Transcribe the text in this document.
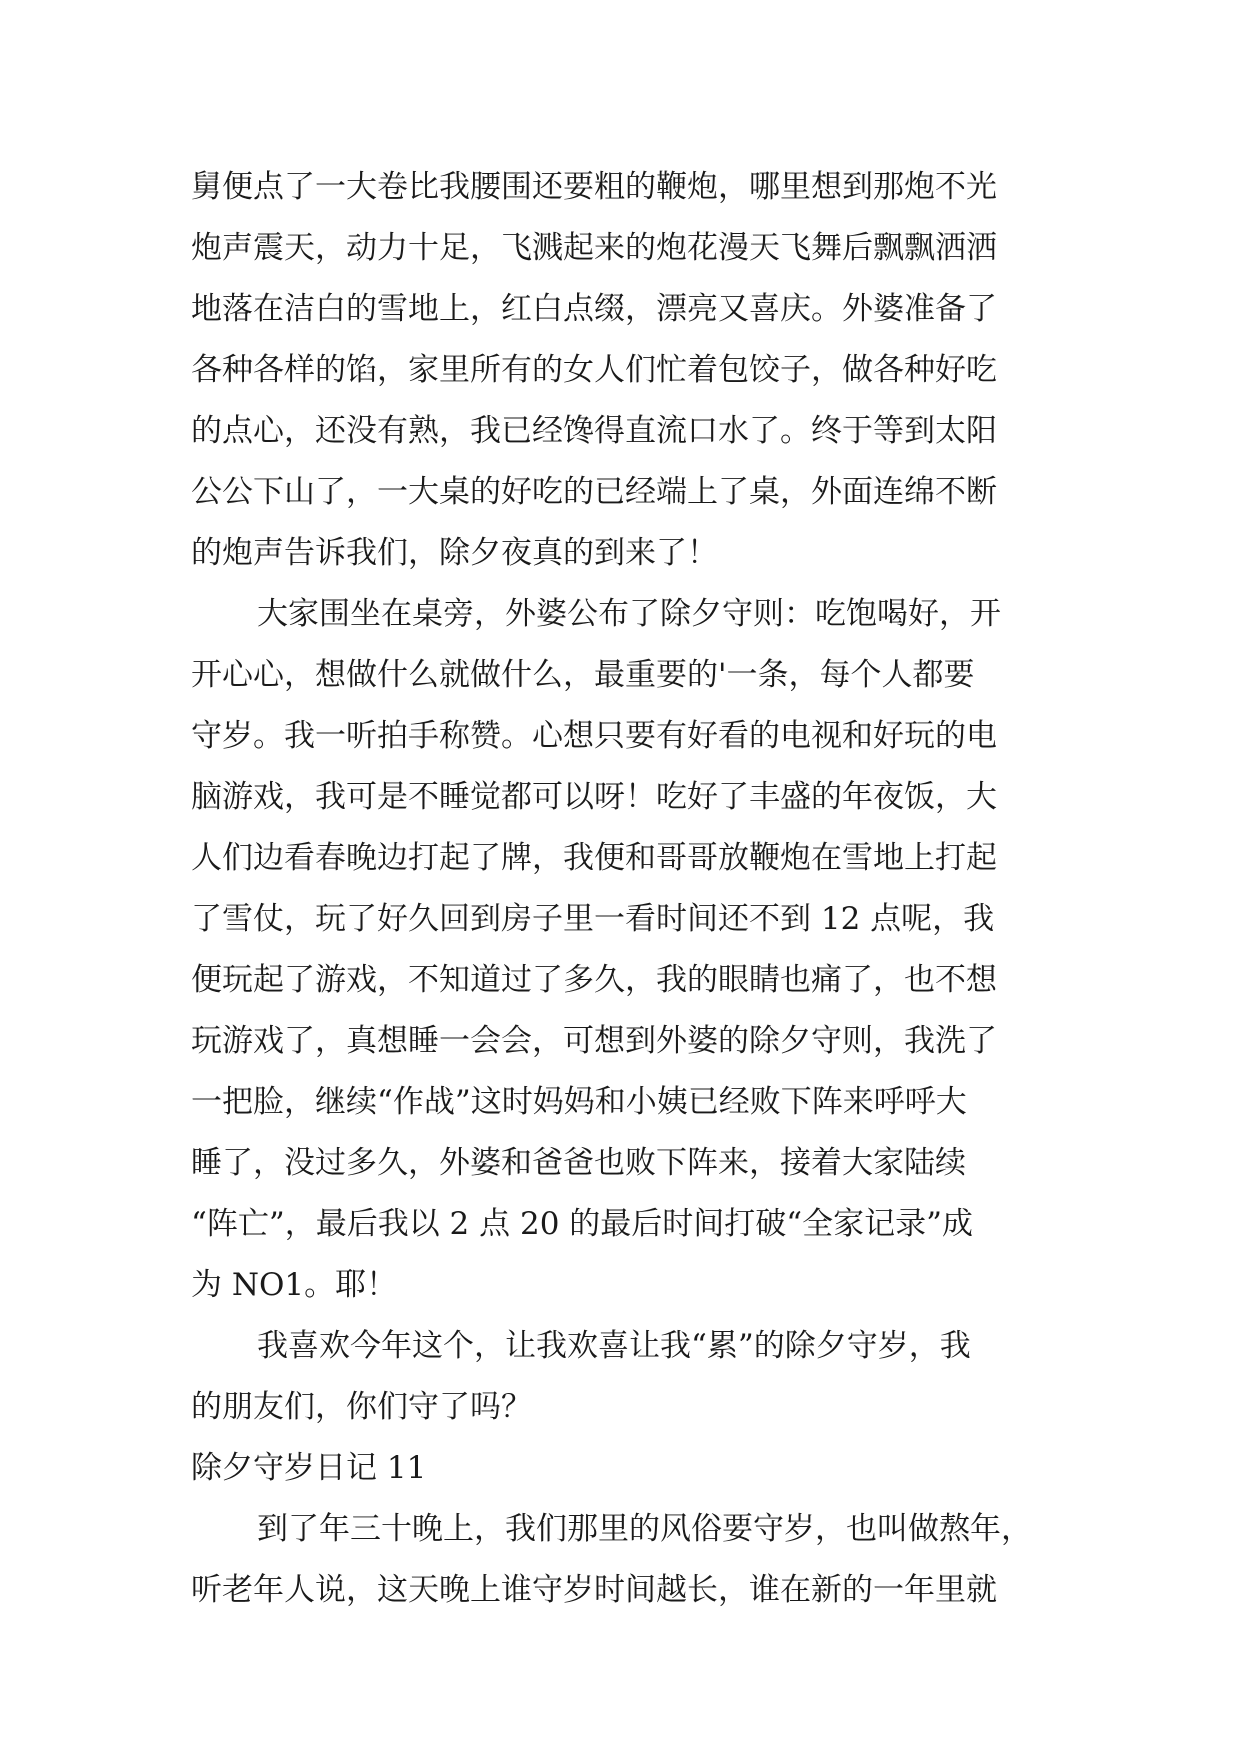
舅便点了一大卷比我腰围还要粗的鞭炮，哪里想到那炮不光
炮声震天，动力十足，飞溅起来的炮花漫天飞舞后飘飘洒洒
地落在洁白的雪地上，红白点缀，漂亮又喜庆。外婆准备了
各种各样的馅，家里所有的女人们忙着包饺子，做各种好吃
的点心，还没有熟，我已经馋得直流口水了。终于等到太阳
公公下山了，一大桌的好吃的已经端上了桌，外面连绵不断
的炮声告诉我们，除夕夜真的到来了！
大家围坐在桌旁，外婆公布了除夕守则：吃饱喝好，开
开心心，想做什么就做什么，最重要的'一条，每个人都要
守岁。我一听拍手称赞。心想只要有好看的电视和好玩的电
脑游戏，我可是不睡觉都可以呀！吃好了丰盛的年夜饭，大
人们边看春晚边打起了牌，我便和哥哥放鞭炮在雪地上打起
了雪仗，玩了好久回到房子里一看时间还不到 12 点呢，我
便玩起了游戏，不知道过了多久，我的眼睛也痛了，也不想
玩游戏了，真想睡一会会，可想到外婆的除夕守则，我洗了
一把脸，继续“作战”这时妈妈和小姨已经败下阵来呼呼大
睡了，没过多久，外婆和爸爸也败下阵来，接着大家陆续
“阵亡”，最后我以 2 点 20 的最后时间打破“全家记录”成
为 NO1。耶！
我喜欢今年这个，让我欢喜让我“累”的除夕守岁，我
的朋友们，你们守了吗？
除夕守岁日记 11
到了年三十晚上，我们那里的风俗要守岁，也叫做熬年，
听老年人说，这天晚上谁守岁时间越长，谁在新的一年里就
